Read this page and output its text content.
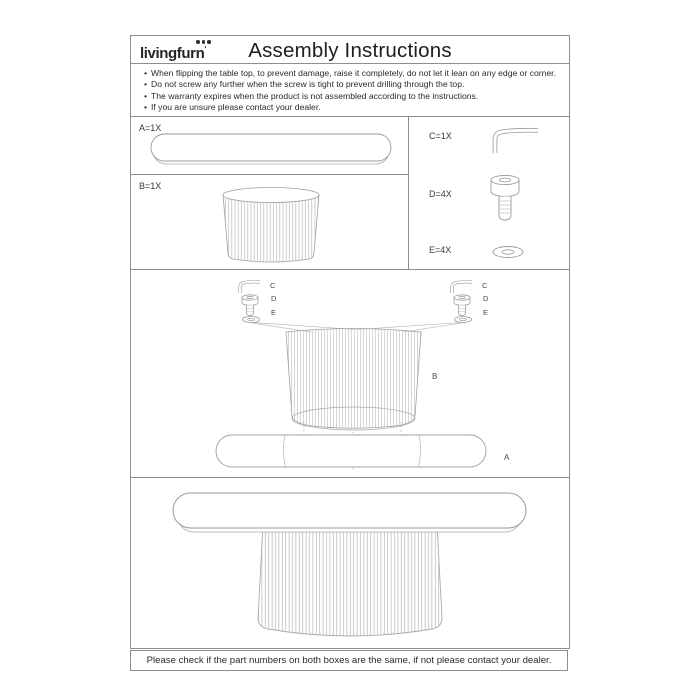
livingfurn'	Assembly Instructions
• When flipping the table top, to prevent damage, raise it completely, do not let it lean on any edge or corner.
• Do not screw any further when the screw is tight to prevent drilling through the top.
• The warranty expires when the product is not assembled according to the instructions.
• If you are unsure please contact your dealer.
A=1X
B=1X
C=1X
D=4X
E=4X
C
D
E
C
D
E
B
A
Please check if the part numbers on both boxes are the same, if not please contact your dealer.
